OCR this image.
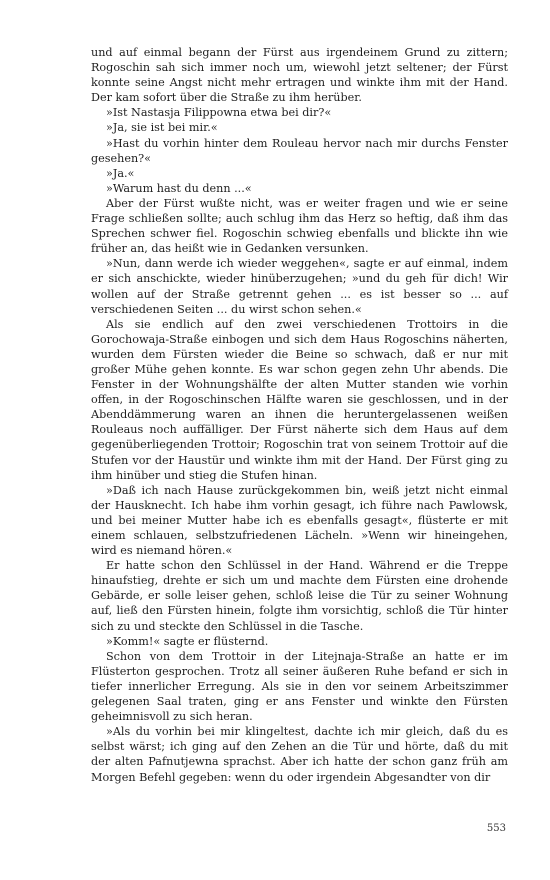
und auf einmal begann der Fürst aus irgendeinem Grund zu zittern; Rogoschin sah sich immer noch um, wiewohl jetzt seltener; der Fürst konnte seine Angst nicht mehr ertragen und winkte ihm mit der Hand. Der kam sofort über die Straße zu ihm herüber.

»Ist Nastasja Filippowna etwa bei dir?«

»Ja, sie ist bei mir.«

»Hast du vorhin hinter dem Rouleau hervor nach mir durchs Fenster gesehen?«

»Ja.«

»Warum hast du denn ...«

Aber der Fürst wußte nicht, was er weiter fragen und wie er seine Frage schließen sollte; auch schlug ihm das Herz so heftig, daß ihm das Sprechen schwer fiel. Rogoschin schwieg ebenfalls und blickte ihn wie früher an, das heißt wie in Gedanken versunken.

»Nun, dann werde ich wieder weggehen«, sagte er auf einmal, indem er sich anschickte, wieder hinüberzugehen; »und du geh für dich! Wir wollen auf der Straße getrennt gehen ... es ist besser so ... auf verschiedenen Seiten ... du wirst schon sehen.«

Als sie endlich auf den zwei verschiedenen Trottoirs in die Gorochowaja-Straße einbogen und sich dem Haus Rogoschins näherten, wurden dem Fürsten wieder die Beine so schwach, daß er nur mit großer Mühe gehen konnte. Es war schon gegen zehn Uhr abends. Die Fenster in der Wohnungshälfte der alten Mutter standen wie vorhin offen, in der Rogoschinschen Hälfte waren sie geschlossen, und in der Abenddämmerung waren an ihnen die heruntergelassenen weißen Rouleaus noch auffälliger. Der Fürst näherte sich dem Haus auf dem gegenüberliegenden Trottoir; Rogoschin trat von seinem Trottoir auf die Stufen vor der Haustür und winkte ihm mit der Hand. Der Fürst ging zu ihm hinüber und stieg die Stufen hinan.

»Daß ich nach Hause zurückgekommen bin, weiß jetzt nicht einmal der Hausknecht. Ich habe ihm vorhin gesagt, ich führe nach Pawlowsk, und bei meiner Mutter habe ich es ebenfalls gesagt«, flüsterte er mit einem schlauen, selbstzufriedenen Lächeln. »Wenn wir hineingehen, wird es niemand hören.«

Er hatte schon den Schlüssel in der Hand. Während er die Treppe hinaufstieg, drehte er sich um und machte dem Fürsten eine drohende Gebärde, er solle leiser gehen, schloß leise die Tür zu seiner Wohnung auf, ließ den Fürsten hinein, folgte ihm vorsichtig, schloß die Tür hinter sich zu und steckte den Schlüssel in die Tasche.

»Komm!« sagte er flüsternd.

Schon von dem Trottoir in der Litejnaja-Straße an hatte er im Flüsterton gesprochen. Trotz all seiner äußeren Ruhe befand er sich in tiefer innerlicher Erregung. Als sie in den vor seinem Arbeitszimmer gelegenen Saal traten, ging er ans Fenster und winkte den Fürsten geheimnisvoll zu sich heran.

»Als du vorhin bei mir klingeltest, dachte ich mir gleich, daß du es selbst wärst; ich ging auf den Zehen an die Tür und hörte, daß du mit der alten Pafnutjewna sprachst. Aber ich hatte der schon ganz früh am Morgen Befehl gegeben: wenn du oder irgendein Abgesandter von dir

553
